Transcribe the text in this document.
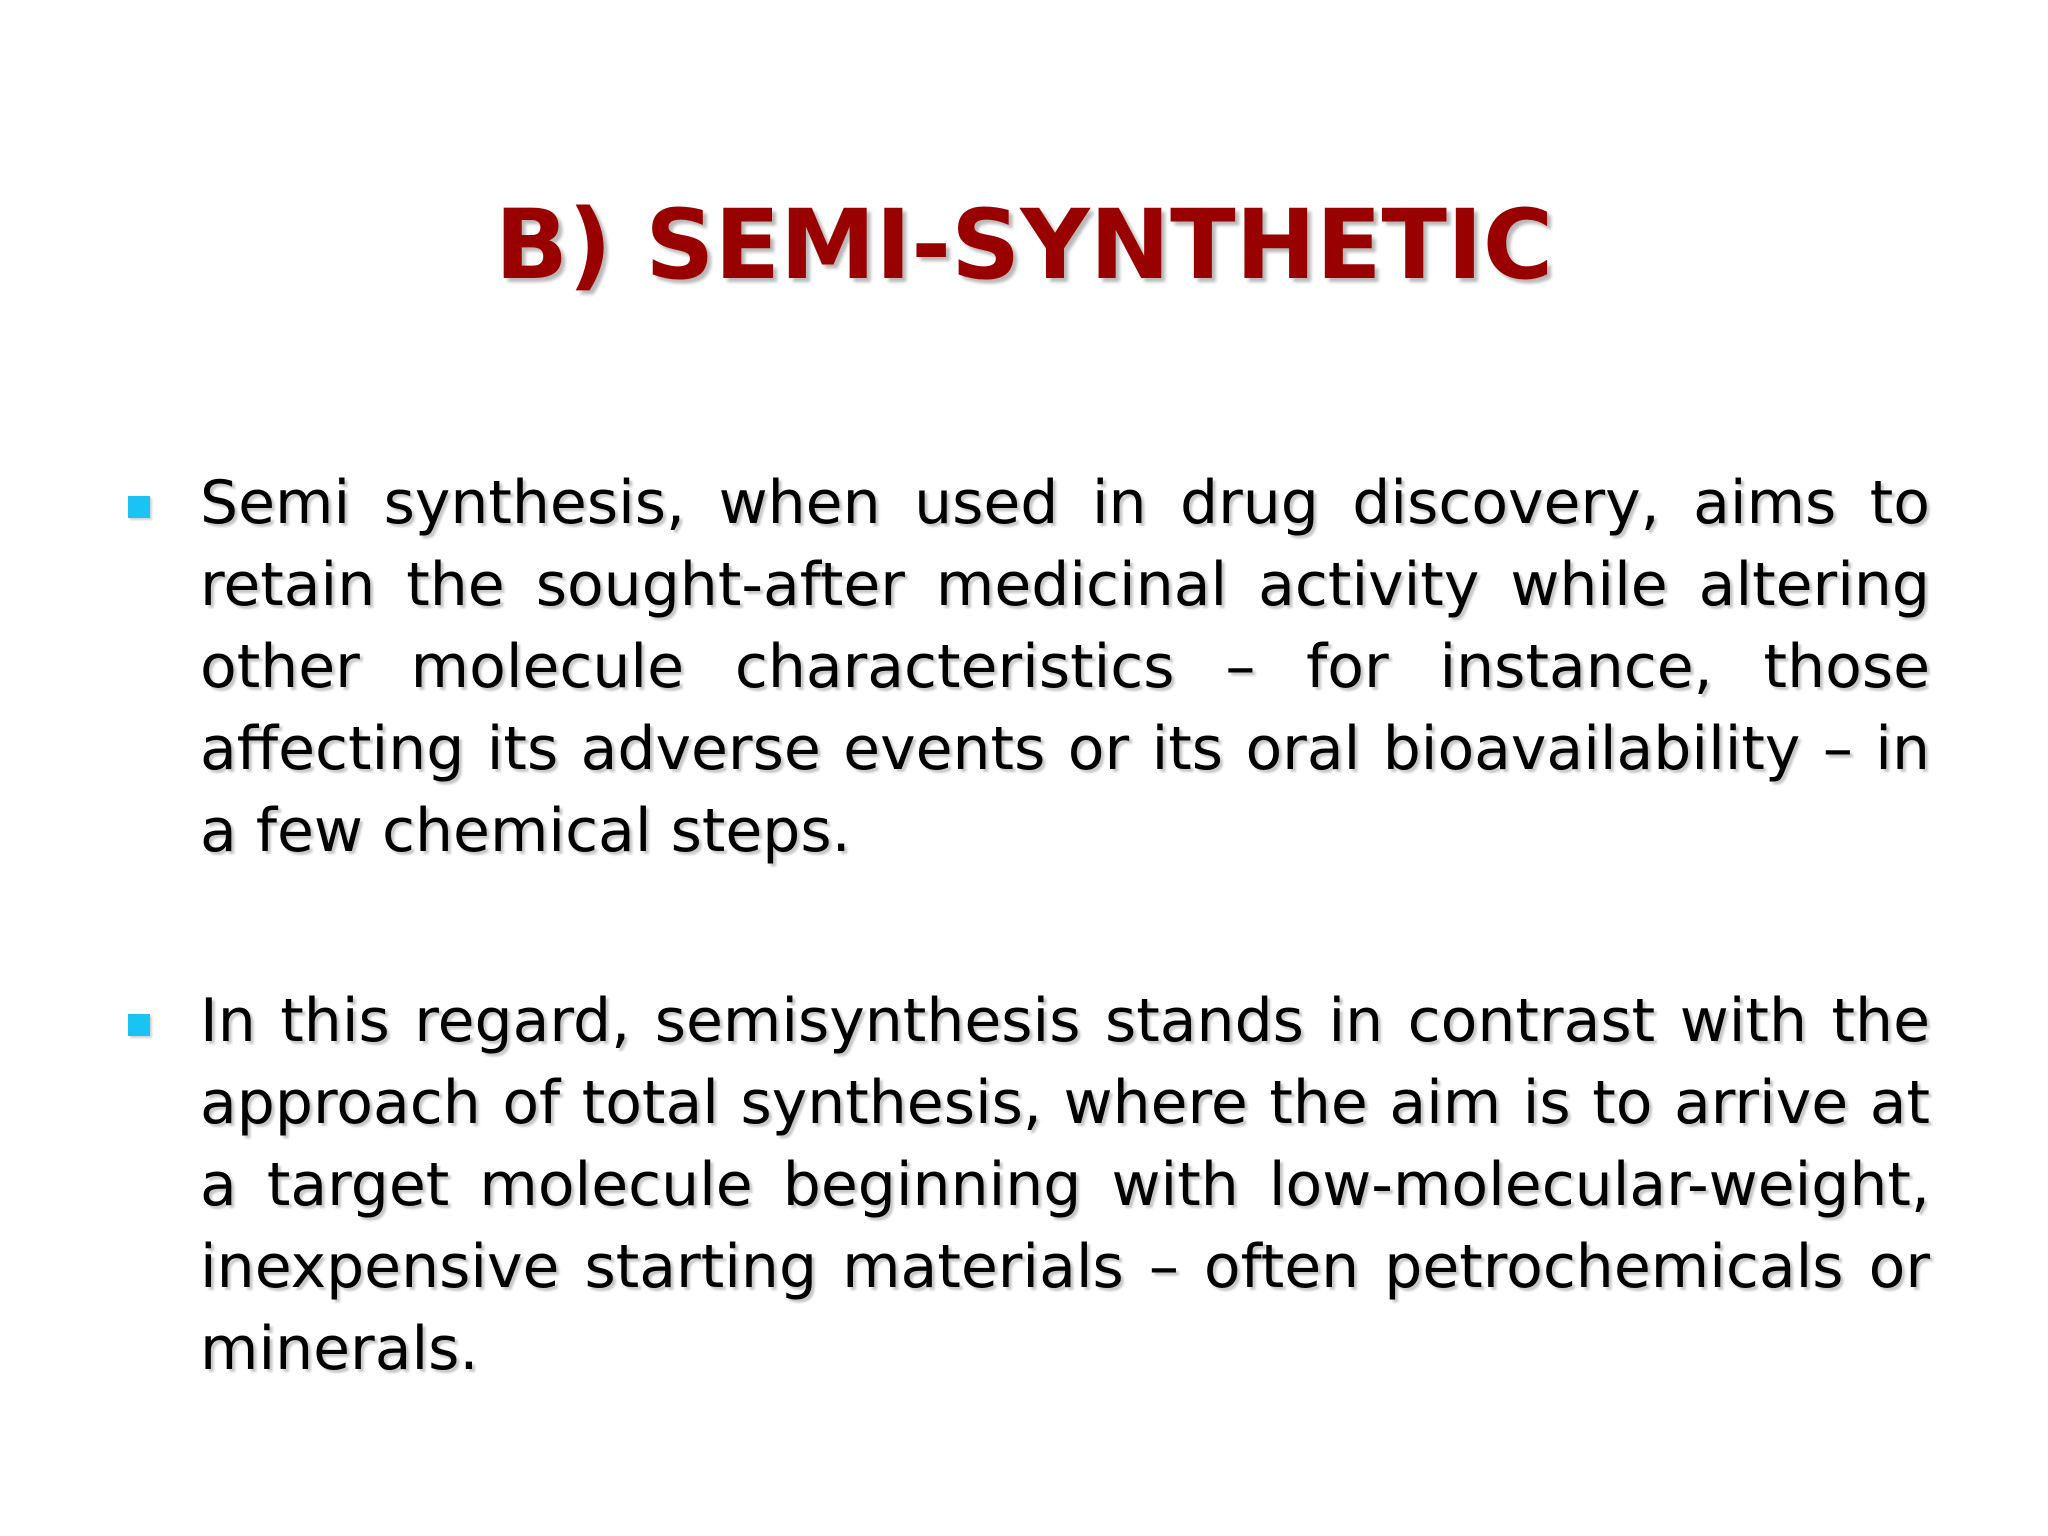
B) SEMI-SYNTHETIC
Semi synthesis, when used in drug discovery, aims to retain the sought-after medicinal activity while altering other molecule characteristics – for instance, those affecting its adverse events or its oral bioavailability – in a few chemical steps.
In this regard, semisynthesis stands in contrast with the approach of total synthesis, where the aim is to arrive at a target molecule beginning with low-molecular-weight, inexpensive starting materials – often petrochemicals or minerals.
